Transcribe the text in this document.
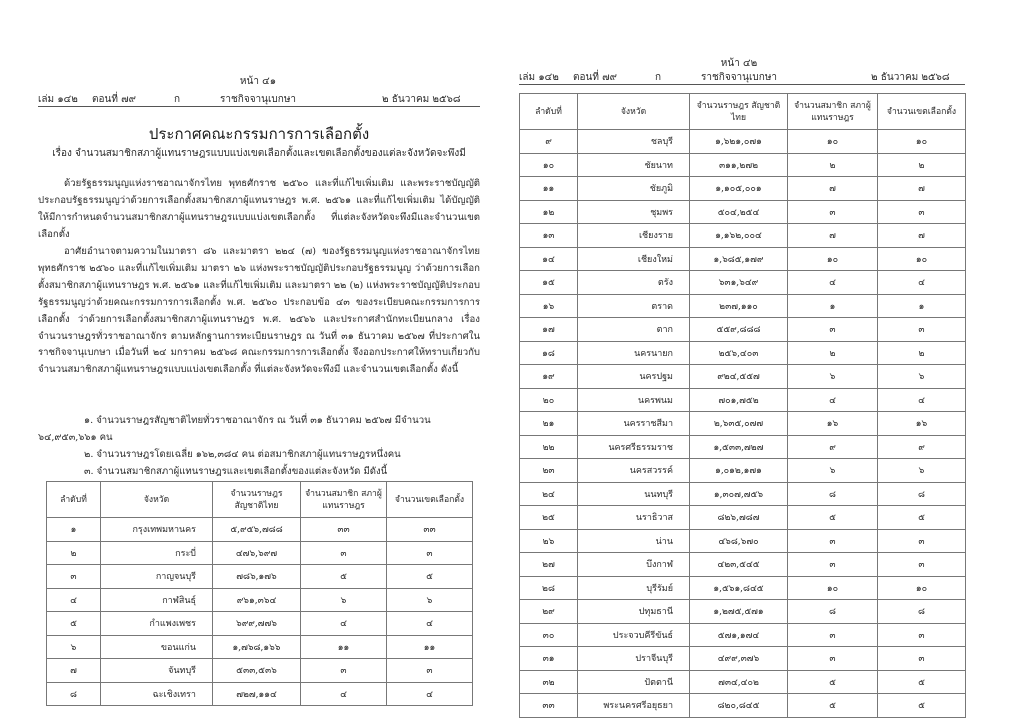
หน้า ๔๑
เล่ม ๑๔๒ ตอนที่ ๗๙	ก	ราชกิจจานุเบกษา	๒ ธันวาคม ๒๕๖๘
ประกาศคณะกรรมการการเลือกตั้ง
เรื่อง จำนวนสมาชิกสภาผู้แทนราษฎรแบบแบ่งเขตเลือกตั้งและเขตเลือกตั้งของแต่ละจังหวัดจะพึงมี

ด้วยรัฐธรรมนูญแห่งราชอาณาจักรไทย พุทธศักราช ๒๕๖๐ และที่แก้ไขเพิ่มเติม และพระราชบัญญัติประกอบรัฐธรรมนูญว่าด้วยการเลือกตั้งสมาชิกสภาผู้แทนราษฎร พ.ศ. ๒๕๖๑ และที่แก้ไขเพิ่มเติม ได้บัญญัติให้มีการกำหนดจำนวนสมาชิกสภาผู้แทนราษฎรแบบแบ่งเขตเลือกตั้ง ที่แต่ละจังหวัดจะพึงมีและจำนวนเขตเลือกตั้ง

อาศัยอำนาจตามความในมาตรา ๘๖ และมาตรา ๒๒๔ (๗) ของรัฐธรรมนูญแห่งราชอาณาจักรไทย พุทธศักราช ๒๕๖๐ และที่แก้ไขเพิ่มเติม มาตรา ๒๖ แห่งพระราชบัญญัติประกอบรัฐธรรมนูญ ว่าด้วยการเลือกตั้งสมาชิกสภาผู้แทนราษฎร พ.ศ. ๒๕๖๑ และที่แก้ไขเพิ่มเติม และมาตรา ๒๒ (๒) แห่งพระราชบัญญัติประกอบรัฐธรรมนูญว่าด้วยคณะกรรมการการเลือกตั้ง พ.ศ. ๒๕๖๐ ประกอบข้อ ๔๓ ของระเบียบคณะกรรมการการเลือกตั้ง ว่าด้วยการเลือกตั้งสมาชิกสภาผู้แทนราษฎร พ.ศ. ๒๕๖๖ และประกาศสำนักทะเบียนกลาง เรื่อง จำนวนราษฎรทั่วราชอาณาจักร ตามหลักฐานการทะเบียนราษฎร ณ วันที่ ๓๑ ธันวาคม ๒๕๖๗ ที่ประกาศในราชกิจจานุเบกษา เมื่อวันที่ ๒๔ มกราคม ๒๕๖๘ คณะกรรมการการเลือกตั้ง จึงออกประกาศให้ทราบเกี่ยวกับจำนวนสมาชิกสภาผู้แทนราษฎรแบบแบ่งเขตเลือกตั้ง ที่แต่ละจังหวัดจะพึงมี และจำนวนเขตเลือกตั้ง ดังนี้

๑. จำนวนราษฎรสัญชาติไทยทั่วราชอาณาจักร ณ วันที่ ๓๑ ธันวาคม ๒๕๖๗ มีจำนวน ๖๔,๙๕๓,๖๖๑ คน

๒. จำนวนราษฎรโดยเฉลี่ย ๑๖๒,๓๘๔ คน ต่อสมาชิกสภาผู้แทนราษฎรหนึ่งคน

๓. จำนวนสมาชิกสภาผู้แทนราษฎรและเขตเลือกตั้งของแต่ละจังหวัด มีดังนี้

ลำดับที่	จังหวัด	จำนวนราษฎร สัญชาติไทย	จำนวนสมาชิก สภาผู้แทนราษฎร	จำนวนเขตเลือกตั้ง
๑	กรุงเทพมหานคร	๕,๙๕๖,๗๘๘	๓๓	๓๓
๒	กระบี่	๔๗๖,๖๙๗	๓	๓
๓	กาญจนบุรี	๗๘๖,๑๗๖	๕	๕
๔	กาฬสินธุ์	๙๖๑,๓๖๔	๖	๖
๕	กำแพงเพชร	๖๙๙,๗๗๖	๔	๔
๖	ขอนแก่น	๑,๗๖๘,๑๖๖	๑๑	๑๑
๗	จันทบุรี	๕๓๓,๕๓๖	๓	๓
๘	ฉะเชิงเทรา	๗๒๗,๑๑๔	๔	๔
หน้า ๔๒
เล่ม ๑๔๒ ตอนที่ ๗๙	ก	ราชกิจจานุเบกษา	๒ ธันวาคม ๒๕๖๘
ลำดับที่	จังหวัด	จำนวนราษฎร สัญชาติไทย	จำนวนสมาชิก สภาผู้แทนราษฎร	จำนวนเขตเลือกตั้ง
๙	ชลบุรี	๑,๖๒๑,๐๗๑	๑๐	๑๐
๑๐	ชัยนาท	๓๑๑,๒๗๒	๒	๒
๑๑	ชัยภูมิ	๑,๑๐๕,๐๐๑	๗	๗
๑๒	ชุมพร	๕๐๔,๒๕๔	๓	๓
๑๓	เชียงราย	๑,๑๖๒,๐๐๔	๗	๗
๑๔	เชียงใหม่	๑,๖๘๕,๑๗๙	๑๐	๑๐
๑๕	ตรัง	๖๓๑,๖๔๙	๔	๔
๑๖	ตราด	๒๓๗,๑๑๐	๑	๑
๑๗	ตาก	๕๕๙,๘๘๘	๓	๓
๑๘	นครนายก	๒๕๖,๔๐๓	๒	๒
๑๙	นครปฐม	๙๒๔,๕๕๗	๖	๖
๒๐	นครพนม	๗๐๑,๗๕๒	๔	๔
๒๑	นครราชสีมา	๒,๖๓๕,๐๗๗	๑๖	๑๖
๒๒	นครศรีธรรมราช	๑,๕๓๓,๗๒๗	๙	๙
๒๓	นครสวรรค์	๑,๐๑๒,๑๗๑	๖	๖
๒๔	นนทบุรี	๑,๓๐๗,๗๕๖	๘	๘
๒๕	นราธิวาส	๘๒๖,๗๘๗	๕	๕
๒๖	น่าน	๔๖๘,๖๗๐	๓	๓
๒๗	บึงกาฬ	๔๒๓,๕๔๕	๓	๓
๒๘	บุรีรัมย์	๑,๕๖๑,๘๔๕	๑๐	๑๐
๒๙	ปทุมธานี	๑,๒๗๕,๕๗๑	๘	๘
๓๐	ประจวบคีรีขันธ์	๕๗๑,๑๗๔	๓	๓
๓๑	ปราจีนบุรี	๔๙๙,๓๗๖	๓	๓
๓๒	ปัตตานี	๗๓๔,๔๐๒	๕	๕
๓๓	พระนครศรีอยุธยา	๘๒๐,๘๔๕	๕	๕
